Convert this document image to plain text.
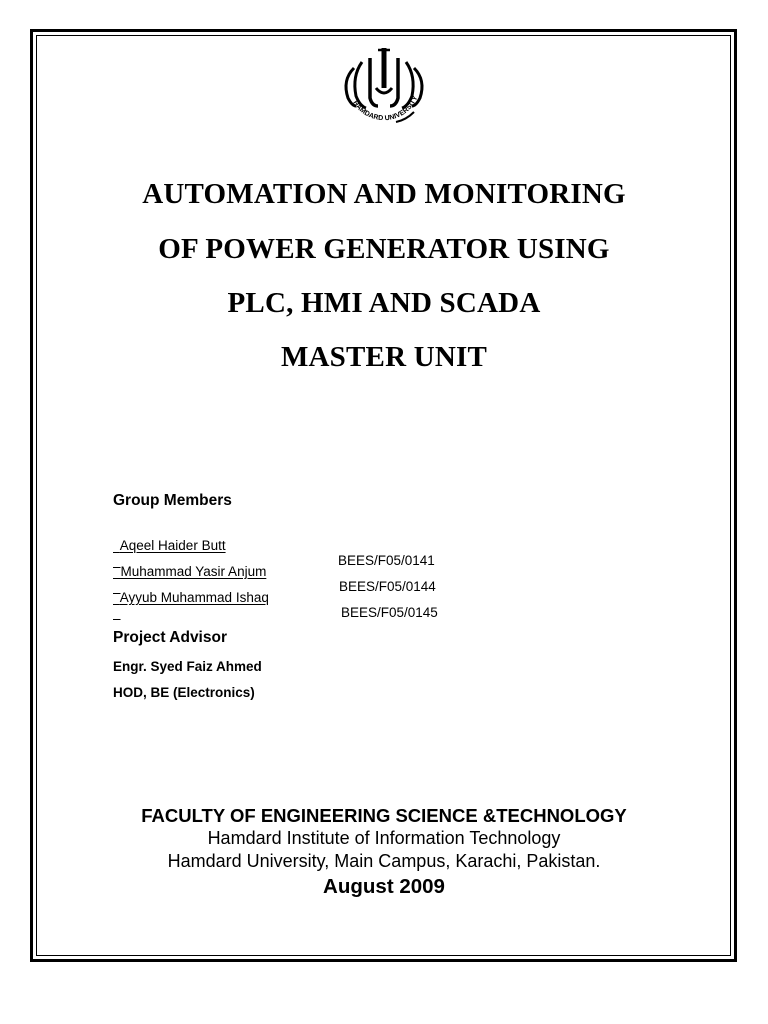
HAMDARD UNIVERSITY
AUTOMATION AND MONITORING
OF POWER GENERATOR USING
PLC, HMI AND SCADA
MASTER UNIT
Group Members

Aqeel Haider Butt

BEES/F05/0141

Muhammad Yasir Anjum

BEES/F05/0144

Ayyub Muhammad Ishaq

BEES/F05/0145

Project Advisor

Engr. Syed Faiz Ahmed

HOD, BE (Electronics)

FACULTY OF ENGINEERING SCIENCE &TECHNOLOGY

Hamdard Institute of Information Technology

Hamdard University, Main Campus, Karachi, Pakistan.

August 2009
